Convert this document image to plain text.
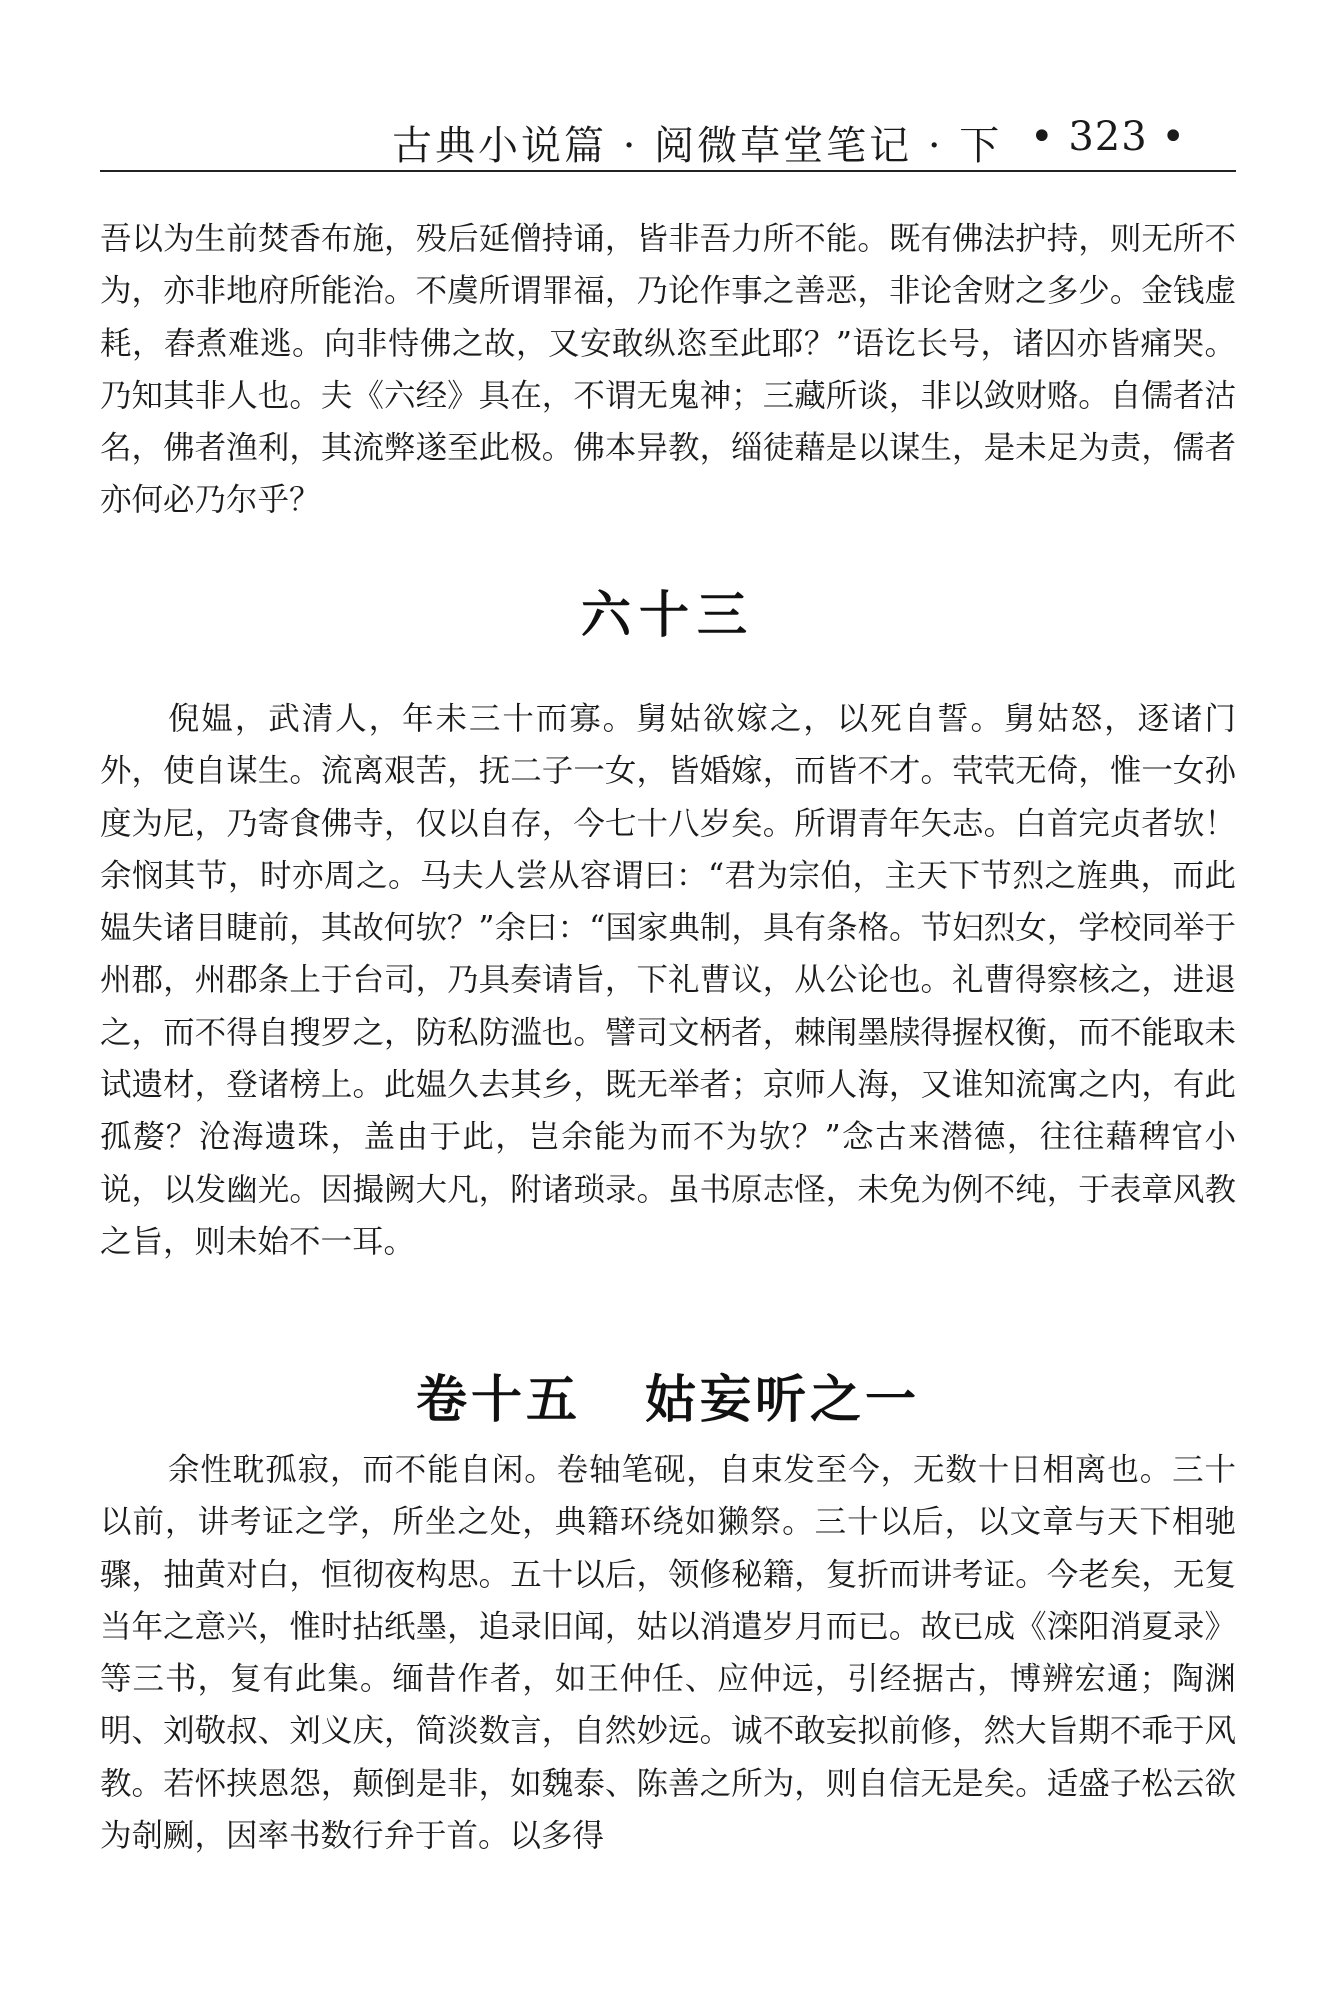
古典小说篇 · 阅微草堂笔记 · 下 • 323 •

吾以为生前焚香布施，殁后延僧持诵，皆非吾力所不能。既有佛法护持，则无所不为，亦非地府所能治。不虞所谓罪福，乃论作事之善恶，非论舍财之多少。金钱虚耗，舂煮难逃。向非恃佛之故，又安敢纵恣至此耶？”语讫长号，诸囚亦皆痛哭。乃知其非人也。夫《六经》具在，不谓无鬼神；三藏所谈，非以敛财赂。自儒者沽名，佛者渔利，其流弊遂至此极。佛本异教，缁徒藉是以谋生，是未足为责，儒者亦何必乃尔乎？

六十三

倪媪，武清人，年未三十而寡。舅姑欲嫁之，以死自誓。舅姑怒，逐诸门外，使自谋生。流离艰苦，抚二子一女，皆婚嫁，而皆不才。茕茕无倚，惟一女孙度为尼，乃寄食佛寺，仅以自存，今七十八岁矣。所谓青年矢志。白首完贞者欤！余悯其节，时亦周之。马夫人尝从容谓曰：“君为宗伯，主天下节烈之旌典，而此媪失诸目睫前，其故何欤？”余曰：“国家典制，具有条格。节妇烈女，学校同举于州郡，州郡条上于台司，乃具奏请旨，下礼曹议，从公论也。礼曹得察核之，进退之，而不得自搜罗之，防私防滥也。譬司文柄者，棘闱墨牍得握权衡，而不能取未试遗材，登诸榜上。此媪久去其乡，既无举者；京师人海，又谁知流寓之内，有此孤嫠？沧海遗珠，盖由于此，岂余能为而不为欤？”念古来潜德，往往藉稗官小说，以发幽光。因撮阙大凡，附诸琐录。虽书原志怪，未免为例不纯，于表章风教之旨，则未始不一耳。

卷十五 姑妄听之一

余性耽孤寂，而不能自闲。卷轴笔砚，自束发至今，无数十日相离也。三十以前，讲考证之学，所坐之处，典籍环绕如獭祭。三十以后，以文章与天下相驰骤，抽黄对白，恒彻夜构思。五十以后，领修秘籍，复折而讲考证。今老矣，无复当年之意兴，惟时拈纸墨，追录旧闻，姑以消遣岁月而已。故已成《滦阳消夏录》等三书，复有此集。缅昔作者，如王仲任、应仲远，引经据古，博辨宏通；陶渊明、刘敬叔、刘义庆，简淡数言，自然妙远。诚不敢妄拟前修，然大旨期不乖于风教。若怀挟恩怨，颠倒是非，如魏泰、陈善之所为，则自信无是矣。适盛子松云欲为剞劂，因率书数行弁于首。以多得
